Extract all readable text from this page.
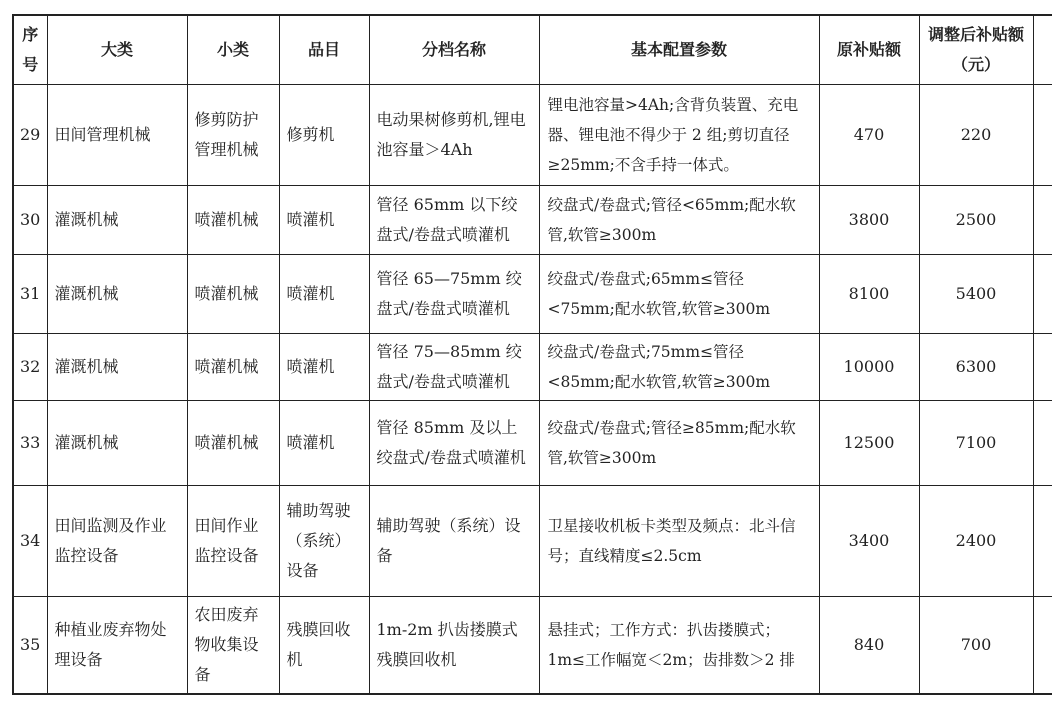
序号	大类	小类	品目	分档名称	基本配置参数	原补贴额	调整后补贴额（元）	
29	田间管理机械	修剪防护管理机械	修剪机	电动果树修剪机,锂电池容量＞4Ah	锂电池容量>4Ah;含背负装置、充电器、锂电池不得少于 2 组;剪切直径≥25mm;不含手持一体式。	470	220	
30	灌溉机械	喷灌机械	喷灌机	管径 65mm 以下绞盘式/卷盘式喷灌机	绞盘式/卷盘式;管径<65mm;配水软管,软管≥300m	3800	2500	
31	灌溉机械	喷灌机械	喷灌机	管径 65—75mm 绞盘式/卷盘式喷灌机	绞盘式/卷盘式;65mm≤管径<75mm;配水软管,软管≥300m	8100	5400	
32	灌溉机械	喷灌机械	喷灌机	管径 75—85mm 绞盘式/卷盘式喷灌机	绞盘式/卷盘式;75mm≤管径<85mm;配水软管,软管≥300m	10000	6300	
33	灌溉机械	喷灌机械	喷灌机	管径 85mm 及以上绞盘式/卷盘式喷灌机	绞盘式/卷盘式;管径≥85mm;配水软管,软管≥300m	12500	7100	
34	田间监测及作业监控设备	田间作业监控设备	辅助驾驶（系统）设备	辅助驾驶（系统）设备	卫星接收机板卡类型及频点：北斗信号；直线精度≤2.5cm	3400	2400	
35	种植业废弃物处理设备	农田废弃物收集设备	残膜回收机	1m-2m 扒齿搂膜式残膜回收机	悬挂式；工作方式：扒齿搂膜式；1m≤工作幅宽＜2m；齿排数＞2 排	840	700	
